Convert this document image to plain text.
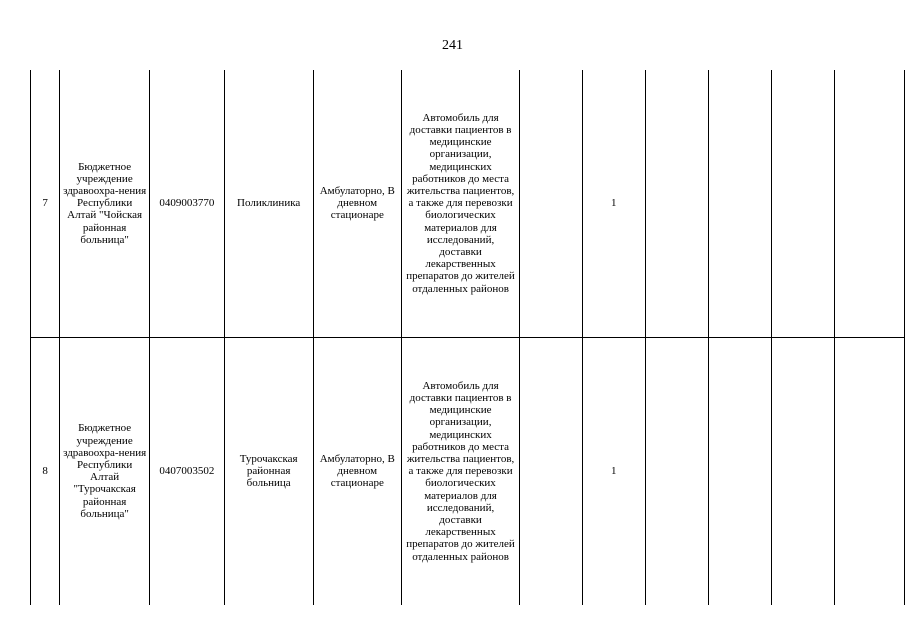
241
7	Бюджетное учреждение здравоохра-нения Республики Алтай "Чойская районная больница"	0409003770	Поликлиника	Амбулаторно, В дневном стационаре	Автомобиль для доставки пациентов в медицинские организации, медицинских работников до места жительства пациентов, а также для перевозки биологических материалов для исследований, доставки лекарственных препаратов до жителей отдаленных районов		1				
8	Бюджетное учреждение здравоохра-нения Республики Алтай "Турочакская районная больница"	0407003502	Турочакская районная больница	Амбулаторно, В дневном стационаре	Автомобиль для доставки пациентов в медицинские организации, медицинских работников до места жительства пациентов, а также для перевозки биологических материалов для исследований, доставки лекарственных препаратов до жителей отдаленных районов		1				
